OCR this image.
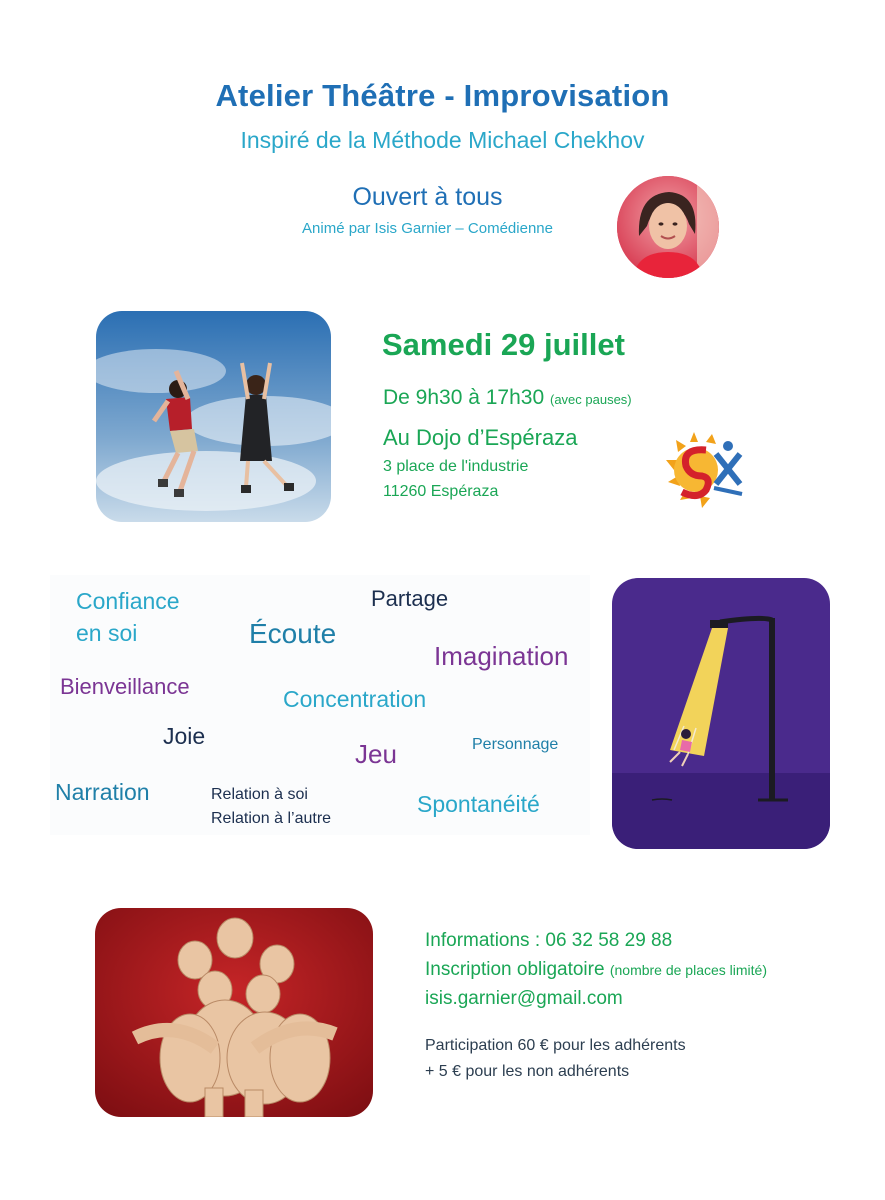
Atelier Théâtre - Improvisation
Inspiré de la Méthode Michael Chekhov
Ouvert à tous
Animé par Isis Garnier – Comédienne
Samedi 29 juillet
De 9h30 à 17h30 (avec pauses)
Au Dojo d’Espéraza
3 place de l'industrie
11260 Espéraza
Confiance
en soi	Écoute
Partage
Imagination
Bienveillance	Concentration
Joie
Jeu	Personnage
Narration	Relation à soi
Relation à l’autre
Spontanéité
Informations : 06 32 58 29 88
Inscription obligatoire (nombre de places limité)
isis.garnier@gmail.com
Participation 60 € pour les adhérents
+ 5 € pour les non adhérents
